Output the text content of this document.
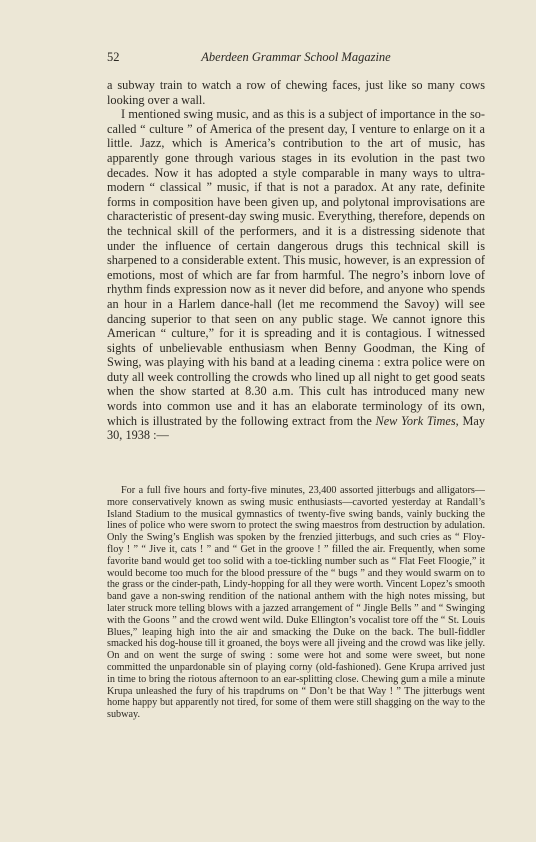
52	Aberdeen Grammar School Magazine

a subway train to watch a row of chewing faces, just like so many cows looking over a wall.

I mentioned swing music, and as this is a subject of importance in the so-called “ culture ” of America of the present day, I venture to enlarge on it a little. Jazz, which is America’s contribution to the art of music, has apparently gone through various stages in its evolution in the past two decades. Now it has adopted a style comparable in many ways to ultra-modern “ classical ” music, if that is not a paradox. At any rate, definite forms in composition have been given up, and polytonal improvisations are characteristic of present-day swing music. Everything, therefore, depends on the technical skill of the performers, and it is a distressing sidenote that under the influence of certain dangerous drugs this technical skill is sharpened to a considerable extent. This music, however, is an expression of emotions, most of which are far from harmful. The negro’s inborn love of rhythm finds expression now as it never did before, and anyone who spends an hour in a Harlem dance-hall (let me recommend the Savoy) will see dancing superior to that seen on any public stage. We cannot ignore this American “ culture,” for it is spreading and it is contagious. I witnessed sights of unbelievable enthusiasm when Benny Goodman, the King of Swing, was playing with his band at a leading cinema : extra police were on duty all week controlling the crowds who lined up all night to get good seats when the show started at 8.30 a.m. This cult has introduced many new words into common use and it has an elaborate terminology of its own, which is illustrated by the following extract from the New York Times, May 30, 1938 :—

For a full five hours and forty-five minutes, 23,400 assorted jitterbugs and alligators—more conservatively known as swing music enthusiasts—cavorted yesterday at Randall’s Island Stadium to the musical gymnastics of twenty-five swing bands, vainly bucking the lines of police who were sworn to protect the swing maestros from destruction by adulation. Only the Swing’s English was spoken by the frenzied jitterbugs, and such cries as “ Floy-floy ! ” “ Jive it, cats ! ” and “ Get in the groove ! ” filled the air. Frequently, when some favorite band would get too solid with a toe-tickling number such as “ Flat Feet Floogie,” it would become too much for the blood pressure of the “ bugs ” and they would swarm on to the grass or the cinder-path, Lindy-hopping for all they were worth. Vincent Lopez’s smooth band gave a non-swing rendition of the national anthem with the high notes missing, but later struck more telling blows with a jazzed arrangement of “ Jingle Bells ” and “ Swinging with the Goons ” and the crowd went wild. Duke Ellington’s vocalist tore off the “ St. Louis Blues,” leaping high into the air and smacking the Duke on the back. The bull-fiddler smacked his dog-house till it groaned, the boys were all jiveing and the crowd was like jelly. On and on went the surge of swing : some were hot and some were sweet, but none committed the unpardonable sin of playing corny (old-fashioned). Gene Krupa arrived just in time to bring the riotous afternoon to an ear-splitting close. Chewing gum a mile a minute Krupa unleashed the fury of his trapdrums on “ Don’t be that Way ! ” The jitterbugs went home happy but apparently not tired, for some of them were still shagging on the way to the subway.
